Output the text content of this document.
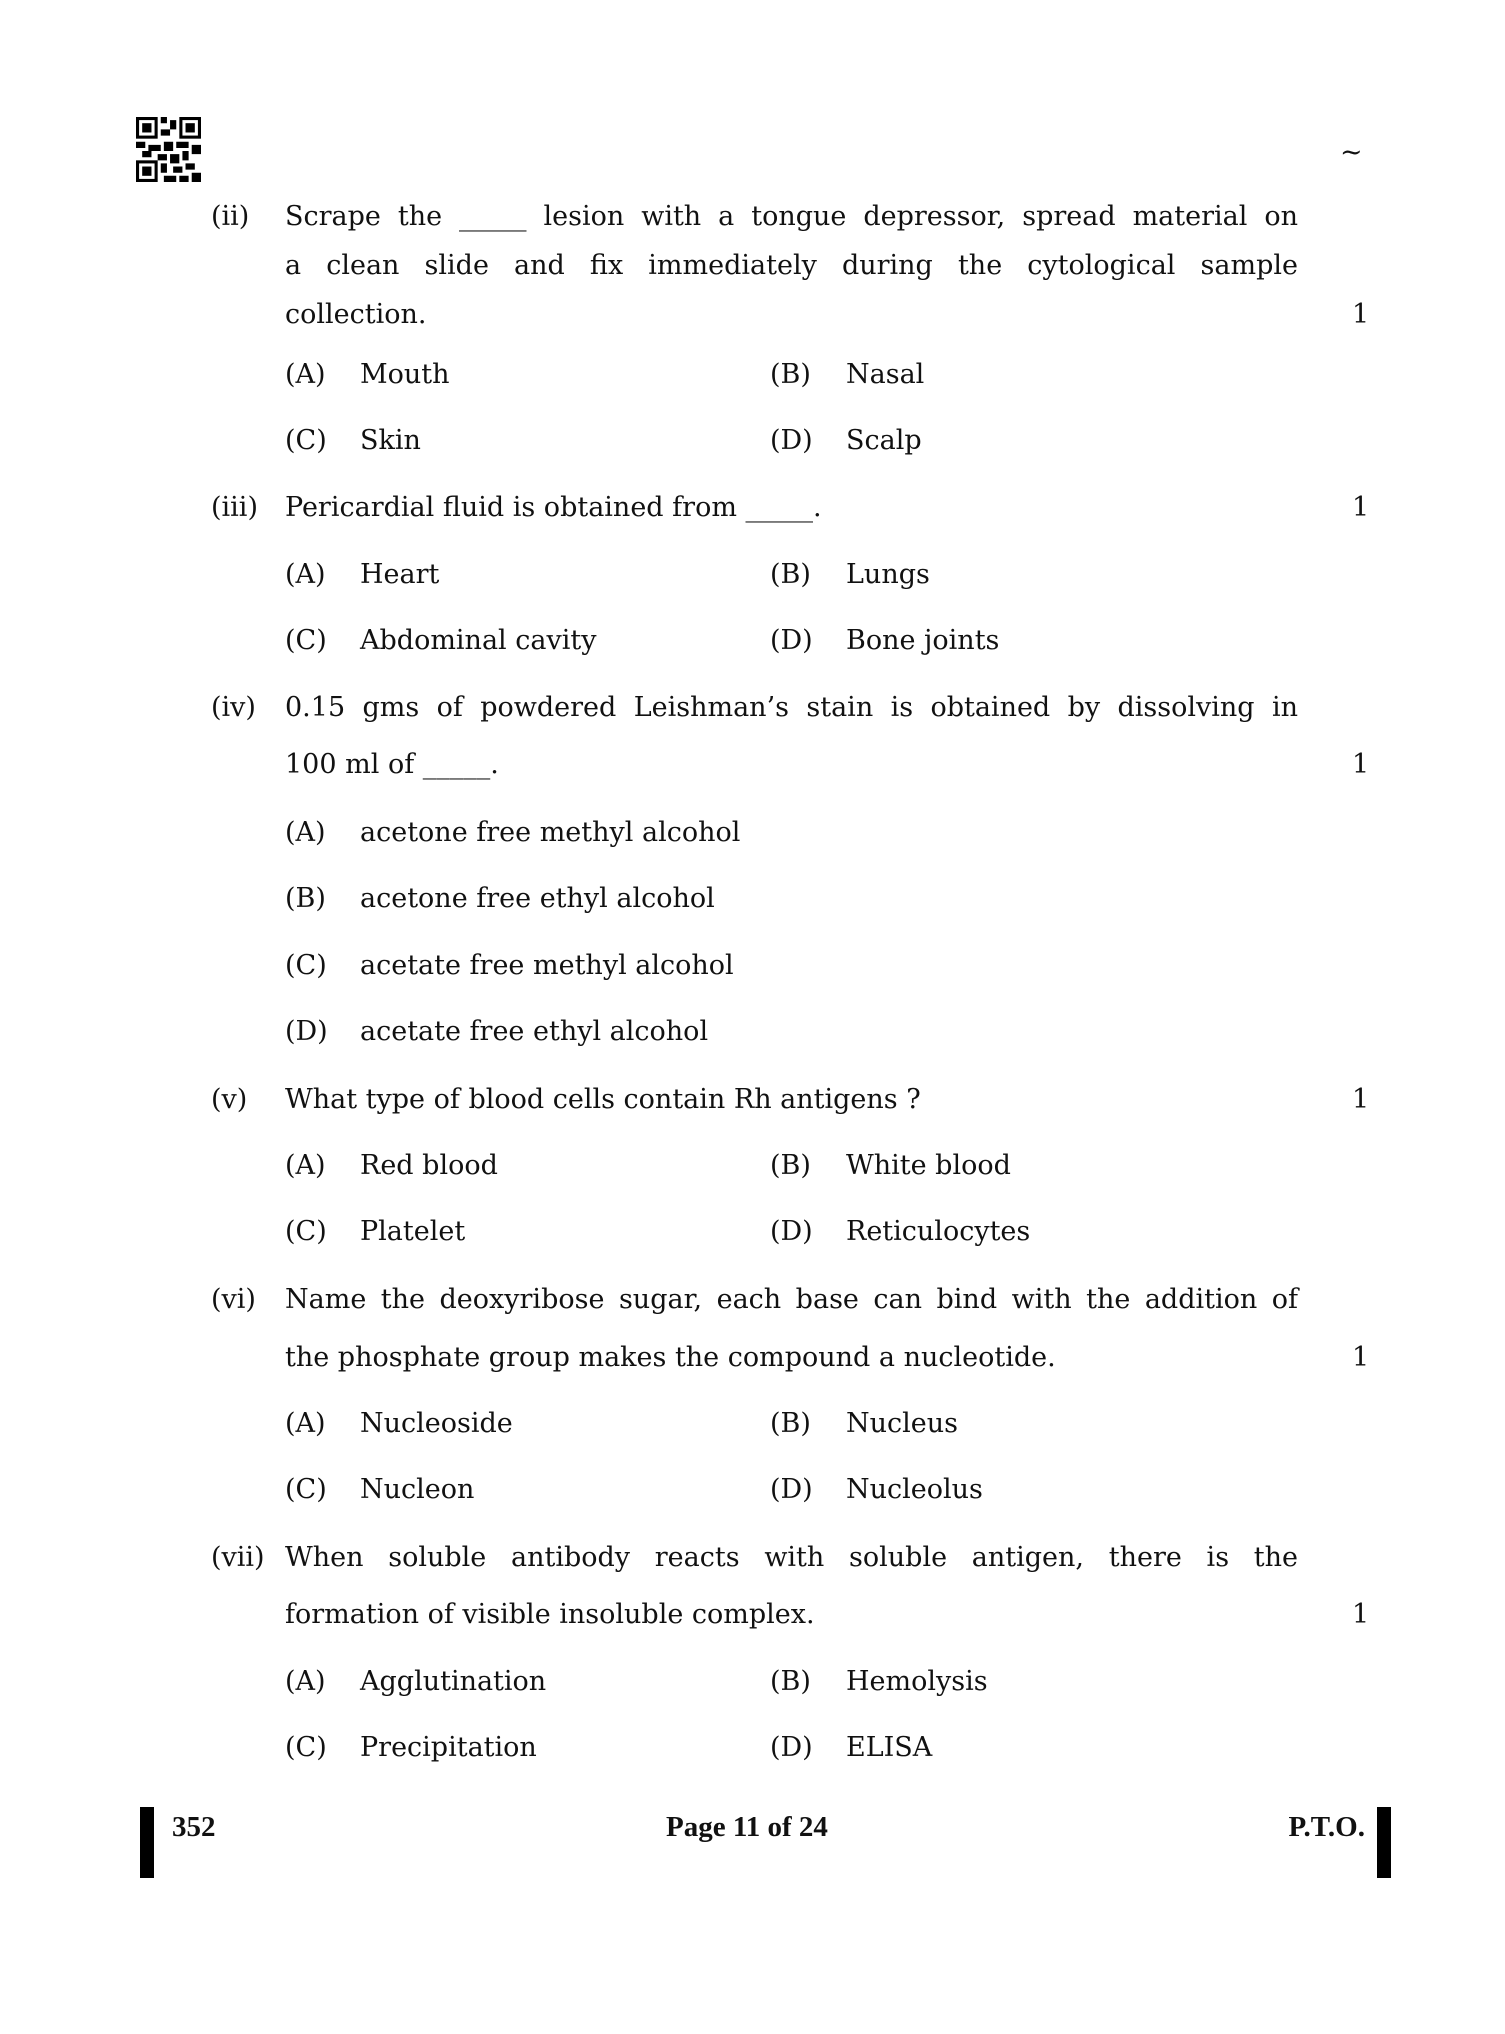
~
(ii) Scrape the _____ lesion with a tongue depressor, spread material on
a clean slide and fix immediately during the cytological sample
collection.	1
(A) Mouth	(B) Nasal
(C) Skin	(D) Scalp
(iii) Pericardial fluid is obtained from _____.	1
(A) Heart	(B) Lungs
(C) Abdominal cavity	(D) Bone joints
(iv) 0.15 gms of powdered Leishman’s stain is obtained by dissolving in
100 ml of _____.	1
(A) acetone free methyl alcohol
(B) acetone free ethyl alcohol
(C) acetate free methyl alcohol
(D) acetate free ethyl alcohol
(v) What type of blood cells contain Rh antigens ?	1
(A) Red blood	(B) White blood
(C) Platelet	(D) Reticulocytes
(vi) Name the deoxyribose sugar, each base can bind with the addition of
the phosphate group makes the compound a nucleotide.	1
(A) Nucleoside	(B) Nucleus
(C) Nucleon	(D) Nucleolus
(vii) When soluble antibody reacts with soluble antigen, there is the
formation of visible insoluble complex.	1
(A) Agglutination	(B) Hemolysis
(C) Precipitation	(D) ELISA
352	Page 11 of 24	P.T.O.
